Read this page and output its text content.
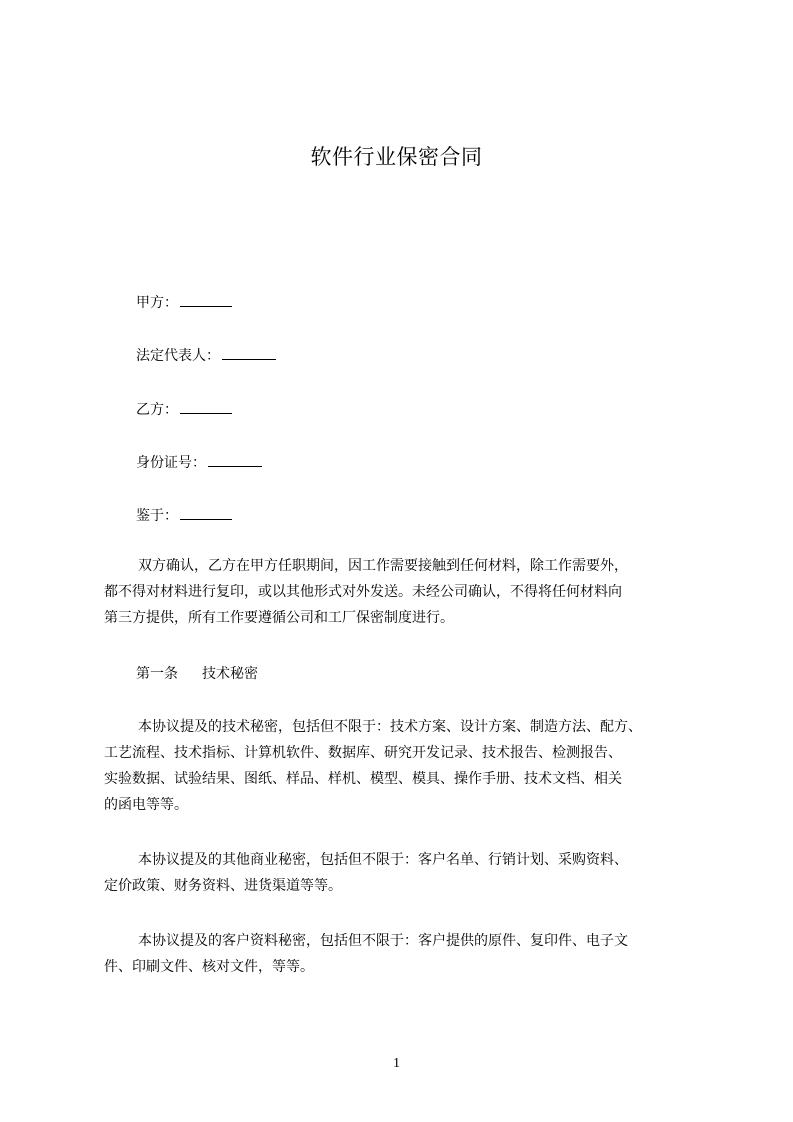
软件行业保密合同
甲方：
法定代表人：
乙方：
身份证号：
鉴于：
双方确认，乙方在甲方任职期间，因工作需要接触到任何材料，除工作需要外，
都不得对材料进行复印，或以其他形式对外发送。未经公司确认，不得将任何材料向
第三方提供，所有工作要遵循公司和工厂保密制度进行。
第一条 技术秘密
本协议提及的技术秘密，包括但不限于：技术方案、设计方案、制造方法、配方、
工艺流程、技术指标、计算机软件、数据库、研究开发记录、技术报告、检测报告、
实验数据、试验结果、图纸、样品、样机、模型、模具、操作手册、技术文档、相关
的函电等等。
本协议提及的其他商业秘密，包括但不限于：客户名单、行销计划、采购资料、
定价政策、财务资料、进货渠道等等。
本协议提及的客户资料秘密，包括但不限于：客户提供的原件、复印件、电子文
件、印刷文件、核对文件，等等。
1
